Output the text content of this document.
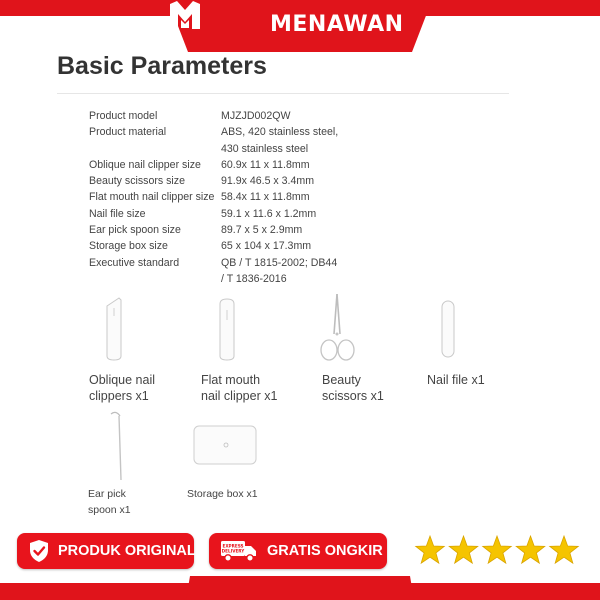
MENAWAN
Basic Parameters
Product model	MJZJD002QW
Product material	ABS, 420 stainless steel,
430 stainless steel
Oblique nail clipper size	60.9x 11 x 11.8mm
Beauty scissors size	91.9x 46.5 x 3.4mm
Flat mouth nail clipper size 58.4x 11 x 11.8mm
Nail file size	59.1 x 11.6 x 1.2mm
Ear pick spoon size	89.7 x 5 x 2.9mm
Storage box size	65 x 104 x 17.3mm
Executive standard	QB / T 1815-2002; DB44
/ T 1836-2016
Oblique nail
clippers x1
Flat mouth
nail clipper x1
Beauty
scissors x1
Nail file x1
Ear pick
spoon x1
Storage box x1
PRODUK ORIGINAL	EXPRESS
DELIVERY GRATIS ONGKIR
